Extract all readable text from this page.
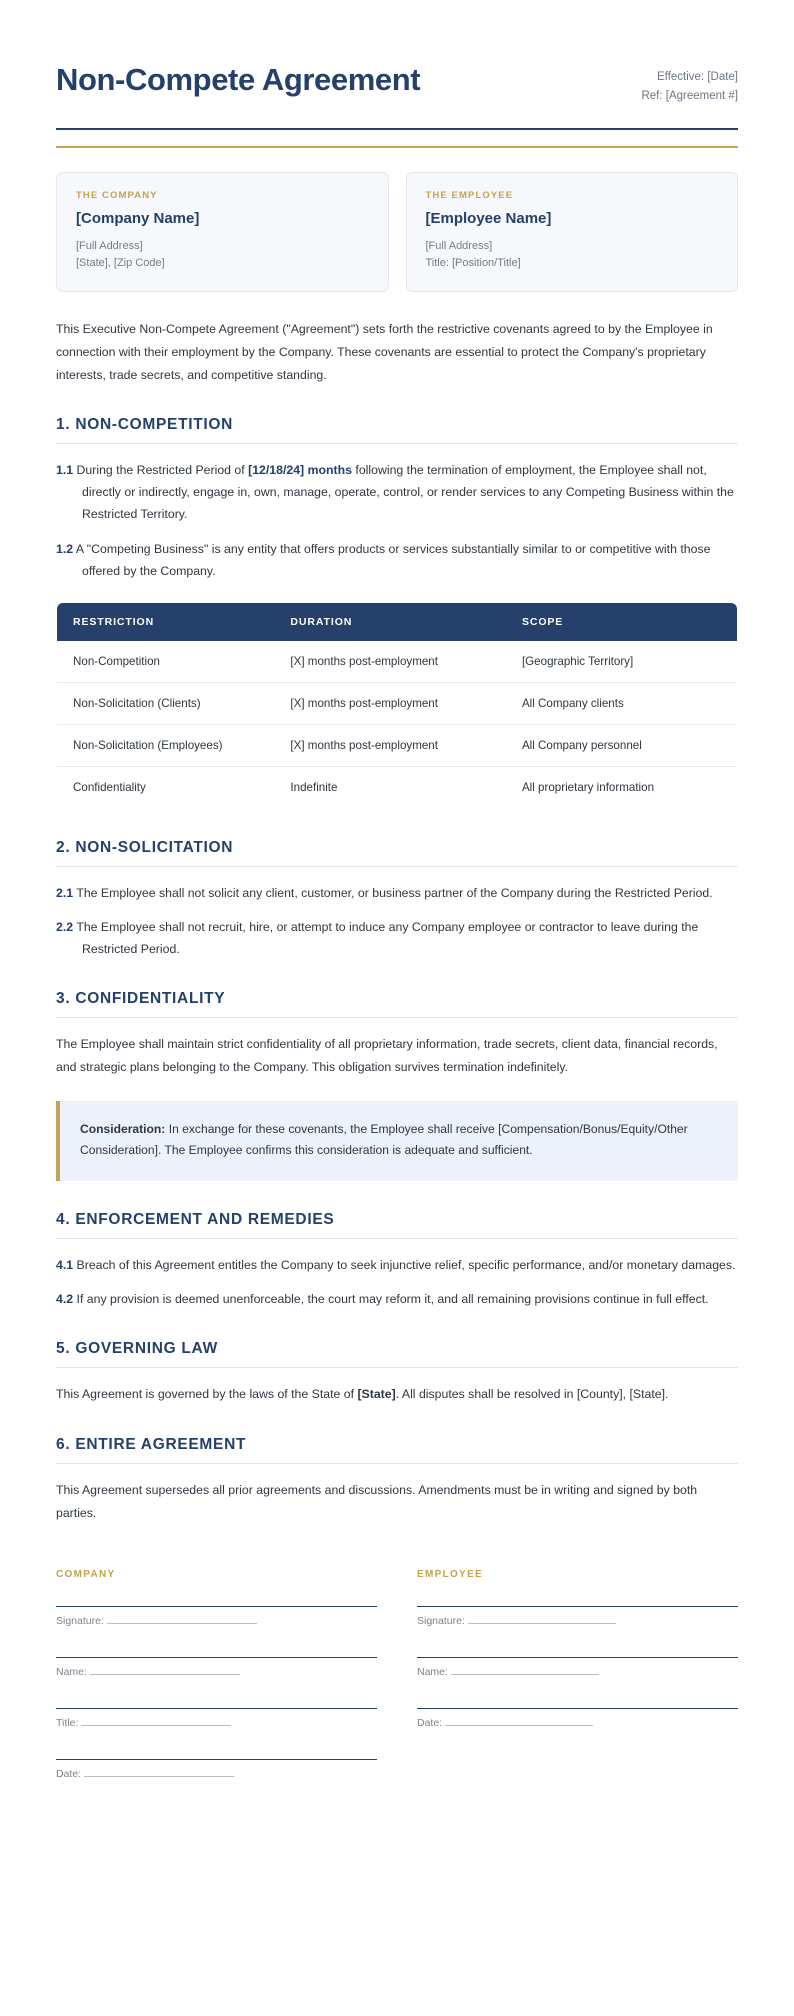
Non-Compete Agreement	Effective: [Date]
Ref: [Agreement #]
THE COMPANY
[Company Name]
[Full Address]
[State], [Zip Code]
THE EMPLOYEE
[Employee Name]
[Full Address]
Title: [Position/Title]

This Executive Non-Compete Agreement ("Agreement") sets forth the restrictive covenants agreed to by the Employee in connection with their employment by the Company. These covenants are essential to protect the Company's proprietary interests, trade secrets, and competitive standing.

1. NON-COMPETITION

1.1 During the Restricted Period of [12/18/24] months following the termination of employment, the Employee shall not, directly or indirectly, engage in, own, manage, operate, control, or render services to any Competing Business within the Restricted Territory.

1.2 A "Competing Business" is any entity that offers products or services substantially similar to or competitive with those offered by the Company.

RESTRICTION	DURATION	SCOPE
Non-Competition	[X] months post-employment	[Geographic Territory]
Non-Solicitation (Clients)	[X] months post-employment	All Company clients
Non-Solicitation (Employees)	[X] months post-employment	All Company personnel
Confidentiality	Indefinite	All proprietary information
2. NON-SOLICITATION

2.1 The Employee shall not solicit any client, customer, or business partner of the Company during the Restricted Period.

2.2 The Employee shall not recruit, hire, or attempt to induce any Company employee or contractor to leave during the Restricted Period.

3. CONFIDENTIALITY

The Employee shall maintain strict confidentiality of all proprietary information, trade secrets, client data, financial records, and strategic plans belonging to the Company. This obligation survives termination indefinitely.

Consideration: In exchange for these covenants, the Employee shall receive [Compensation/Bonus/Equity/Other Consideration]. The Employee confirms this consideration is adequate and sufficient.
4. ENFORCEMENT AND REMEDIES

4.1 Breach of this Agreement entitles the Company to seek injunctive relief, specific performance, and/or monetary damages.

4.2 If any provision is deemed unenforceable, the court may reform it, and all remaining provisions continue in full effect.

5. GOVERNING LAW

This Agreement is governed by the laws of the State of [State]. All disputes shall be resolved in [County], [State].

6. ENTIRE AGREEMENT

This Agreement supersedes all prior agreements and discussions. Amendments must be in writing and signed by both parties.

COMPANY
Signature:
Name:
Title:
Date:
EMPLOYEE
Signature:
Name:
Date:
